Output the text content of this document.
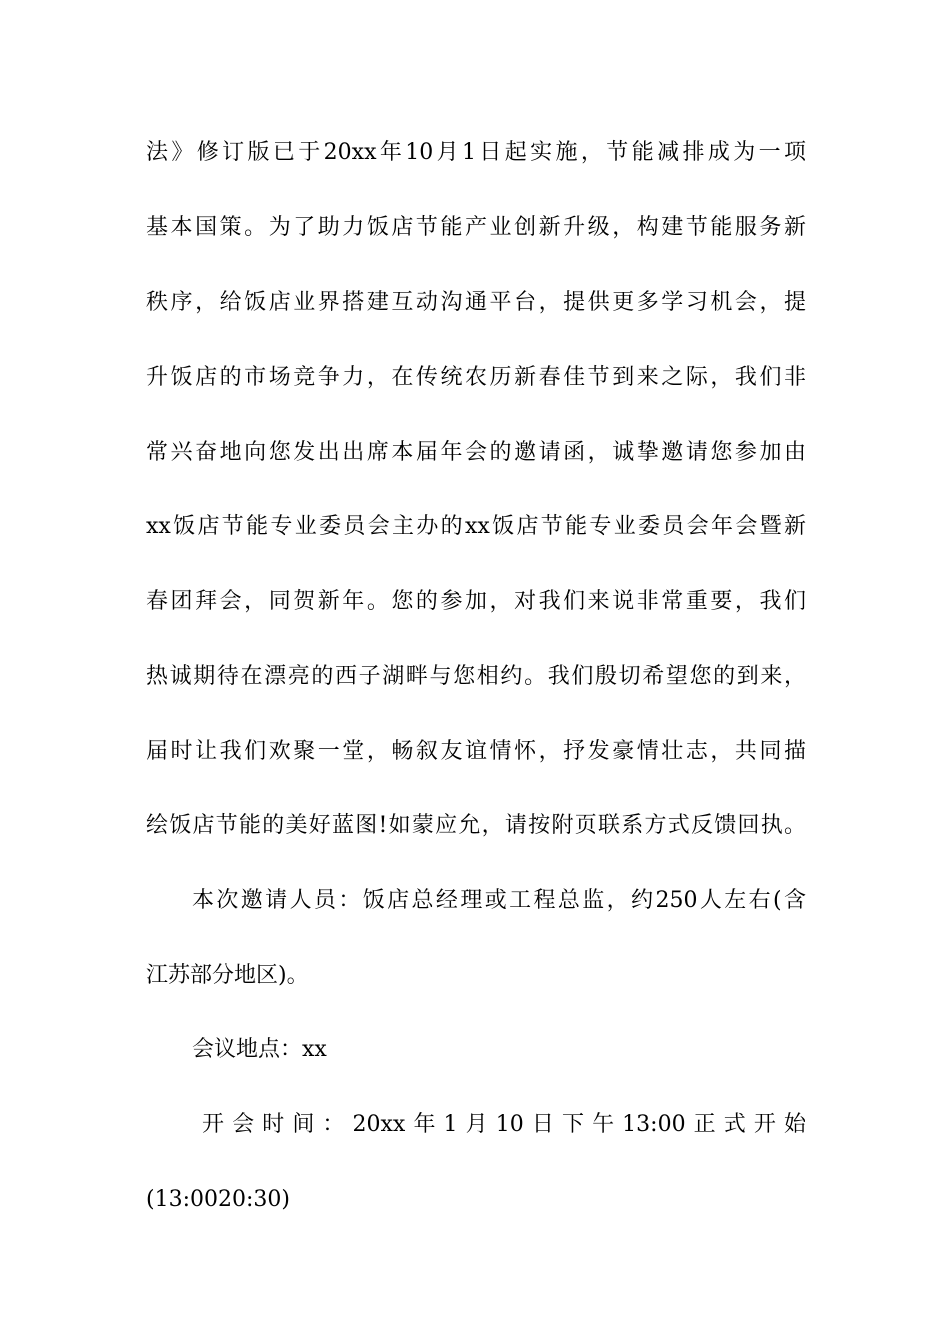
法》修订版已于20xx年10月1日起实施，节能减排成为一项
基本国策。为了助力饭店节能产业创新升级，构建节能服务新
秩序，给饭店业界搭建互动沟通平台，提供更多学习机会，提
升饭店的市场竞争力，在传统农历新春佳节到来之际，我们非
常兴奋地向您发出出席本届年会的邀请函，诚挚邀请您参加由
xx饭店节能专业委员会主办的xx饭店节能专业委员会年会暨新
春团拜会，同贺新年。您的参加，对我们来说非常重要，我们
热诚期待在漂亮的西子湖畔与您相约。我们殷切希望您的到来，
届时让我们欢聚一堂，畅叙友谊情怀，抒发豪情壮志，共同描
绘饭店节能的美好蓝图!如蒙应允，请按附页联系方式反馈回执。
本次邀请人员：饭店总经理或工程总监，约250人左右(含
江苏部分地区)。
会议地点：xx
开会时间：20xx年1月10日下午13:00正式开始
(13:0020:30)
